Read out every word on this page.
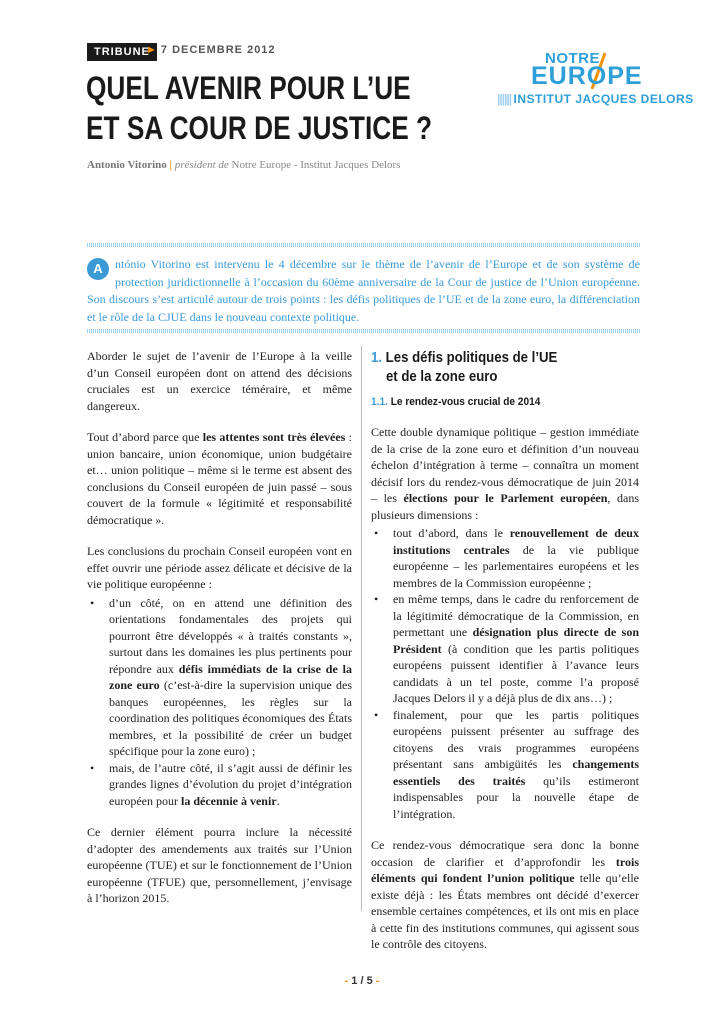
TRIBUNE
► 7 DECEMBRE 2012
QUEL AVENIR POUR L’UE
ET SA COUR DE JUSTICE ?
Antonio Vitorino | président de Notre Europe - Institut Jacques Delors
NOTRE
EUROPE
|||||| INSTITUT JACQUES DELORS
A	ntónio Vitorino est intervenu le 4 décembre sur le thème de l’avenir de l’Europe et de son système de protection juridictionnelle à l’occasion du 60ème anniversaire de la Cour de justice de l’Union européenne. Son discours s’est articulé autour de trois points : les défis politiques de l’UE et de la zone euro, la différenciation et le rôle de la CJUE dans le nouveau contexte politique.

Aborder le sujet de l’avenir de l’Europe à la veille d’un Conseil européen dont on attend des décisions cruciales est un exercice téméraire, et même dangereux.

Tout d’abord parce que les attentes sont très élevées : union bancaire, union économique, union budgétaire et… union politique – même si le terme est absent des conclusions du Conseil européen de juin passé – sous couvert de la formule « légitimité et responsabilité démocratique ».

Les conclusions du prochain Conseil européen vont en effet ouvrir une période assez délicate et décisive de la vie politique européenne :

• d’un côté, on en attend une définition des orientations fondamentales des projets qui pourront être développés « à traités constants », surtout dans les domaines les plus pertinents pour répondre aux défis immédiats de la crise de la zone euro (c’est-à-dire la supervision unique des banques européennes, les règles sur la coordination des politiques économiques des États membres, et la possibilité de créer un budget spécifique pour la zone euro) ;
• mais, de l’autre côté, il s’agit aussi de définir les grandes lignes d’évolution du projet d’intégration européen pour la décennie à venir.

Ce dernier élément pourra inclure la nécessité d’adopter des amendements aux traités sur l’Union européenne (TUE) et sur le fonctionnement de l’Union européenne (TFUE) que, personnellement, j’envisage à l’horizon 2015.

1. Les défis politiques de l’UE
et de la zone euro
1.1. Le rendez-vous crucial de 2014

Cette double dynamique politique – gestion immédiate de la crise de la zone euro et définition d’un nouveau échelon d’intégration à terme – connaîtra un moment décisif lors du rendez-vous démocratique de juin 2014 – les élections pour le Parlement européen, dans plusieurs dimensions :

• tout d’abord, dans le renouvellement de deux institutions centrales de la vie publique européenne – les parlementaires européens et les membres de la Commission européenne ;
• en même temps, dans le cadre du renforcement de la légitimité démocratique de la Commission, en permettant une désignation plus directe de son Président (à condition que les partis politiques européens puissent identifier à l’avance leurs candidats à un tel poste, comme l’a proposé Jacques Delors il y a déjà plus de dix ans…) ;
• finalement, pour que les partis politiques européens puissent présenter au suffrage des citoyens des vrais programmes européens présentant sans ambigüités les changements essentiels des traités qu’ils estimeront indispensables pour la nouvelle étape de l’intégration.

Ce rendez-vous démocratique sera donc la bonne occasion de clarifier et d’approfondir les trois éléments qui fondent l’union politique telle qu’elle existe déjà : les États membres ont décidé d’exercer ensemble certaines compétences, et ils ont mis en place à cette fin des institutions communes, qui agissent sous le contrôle des citoyens.

- 1 / 5 -
